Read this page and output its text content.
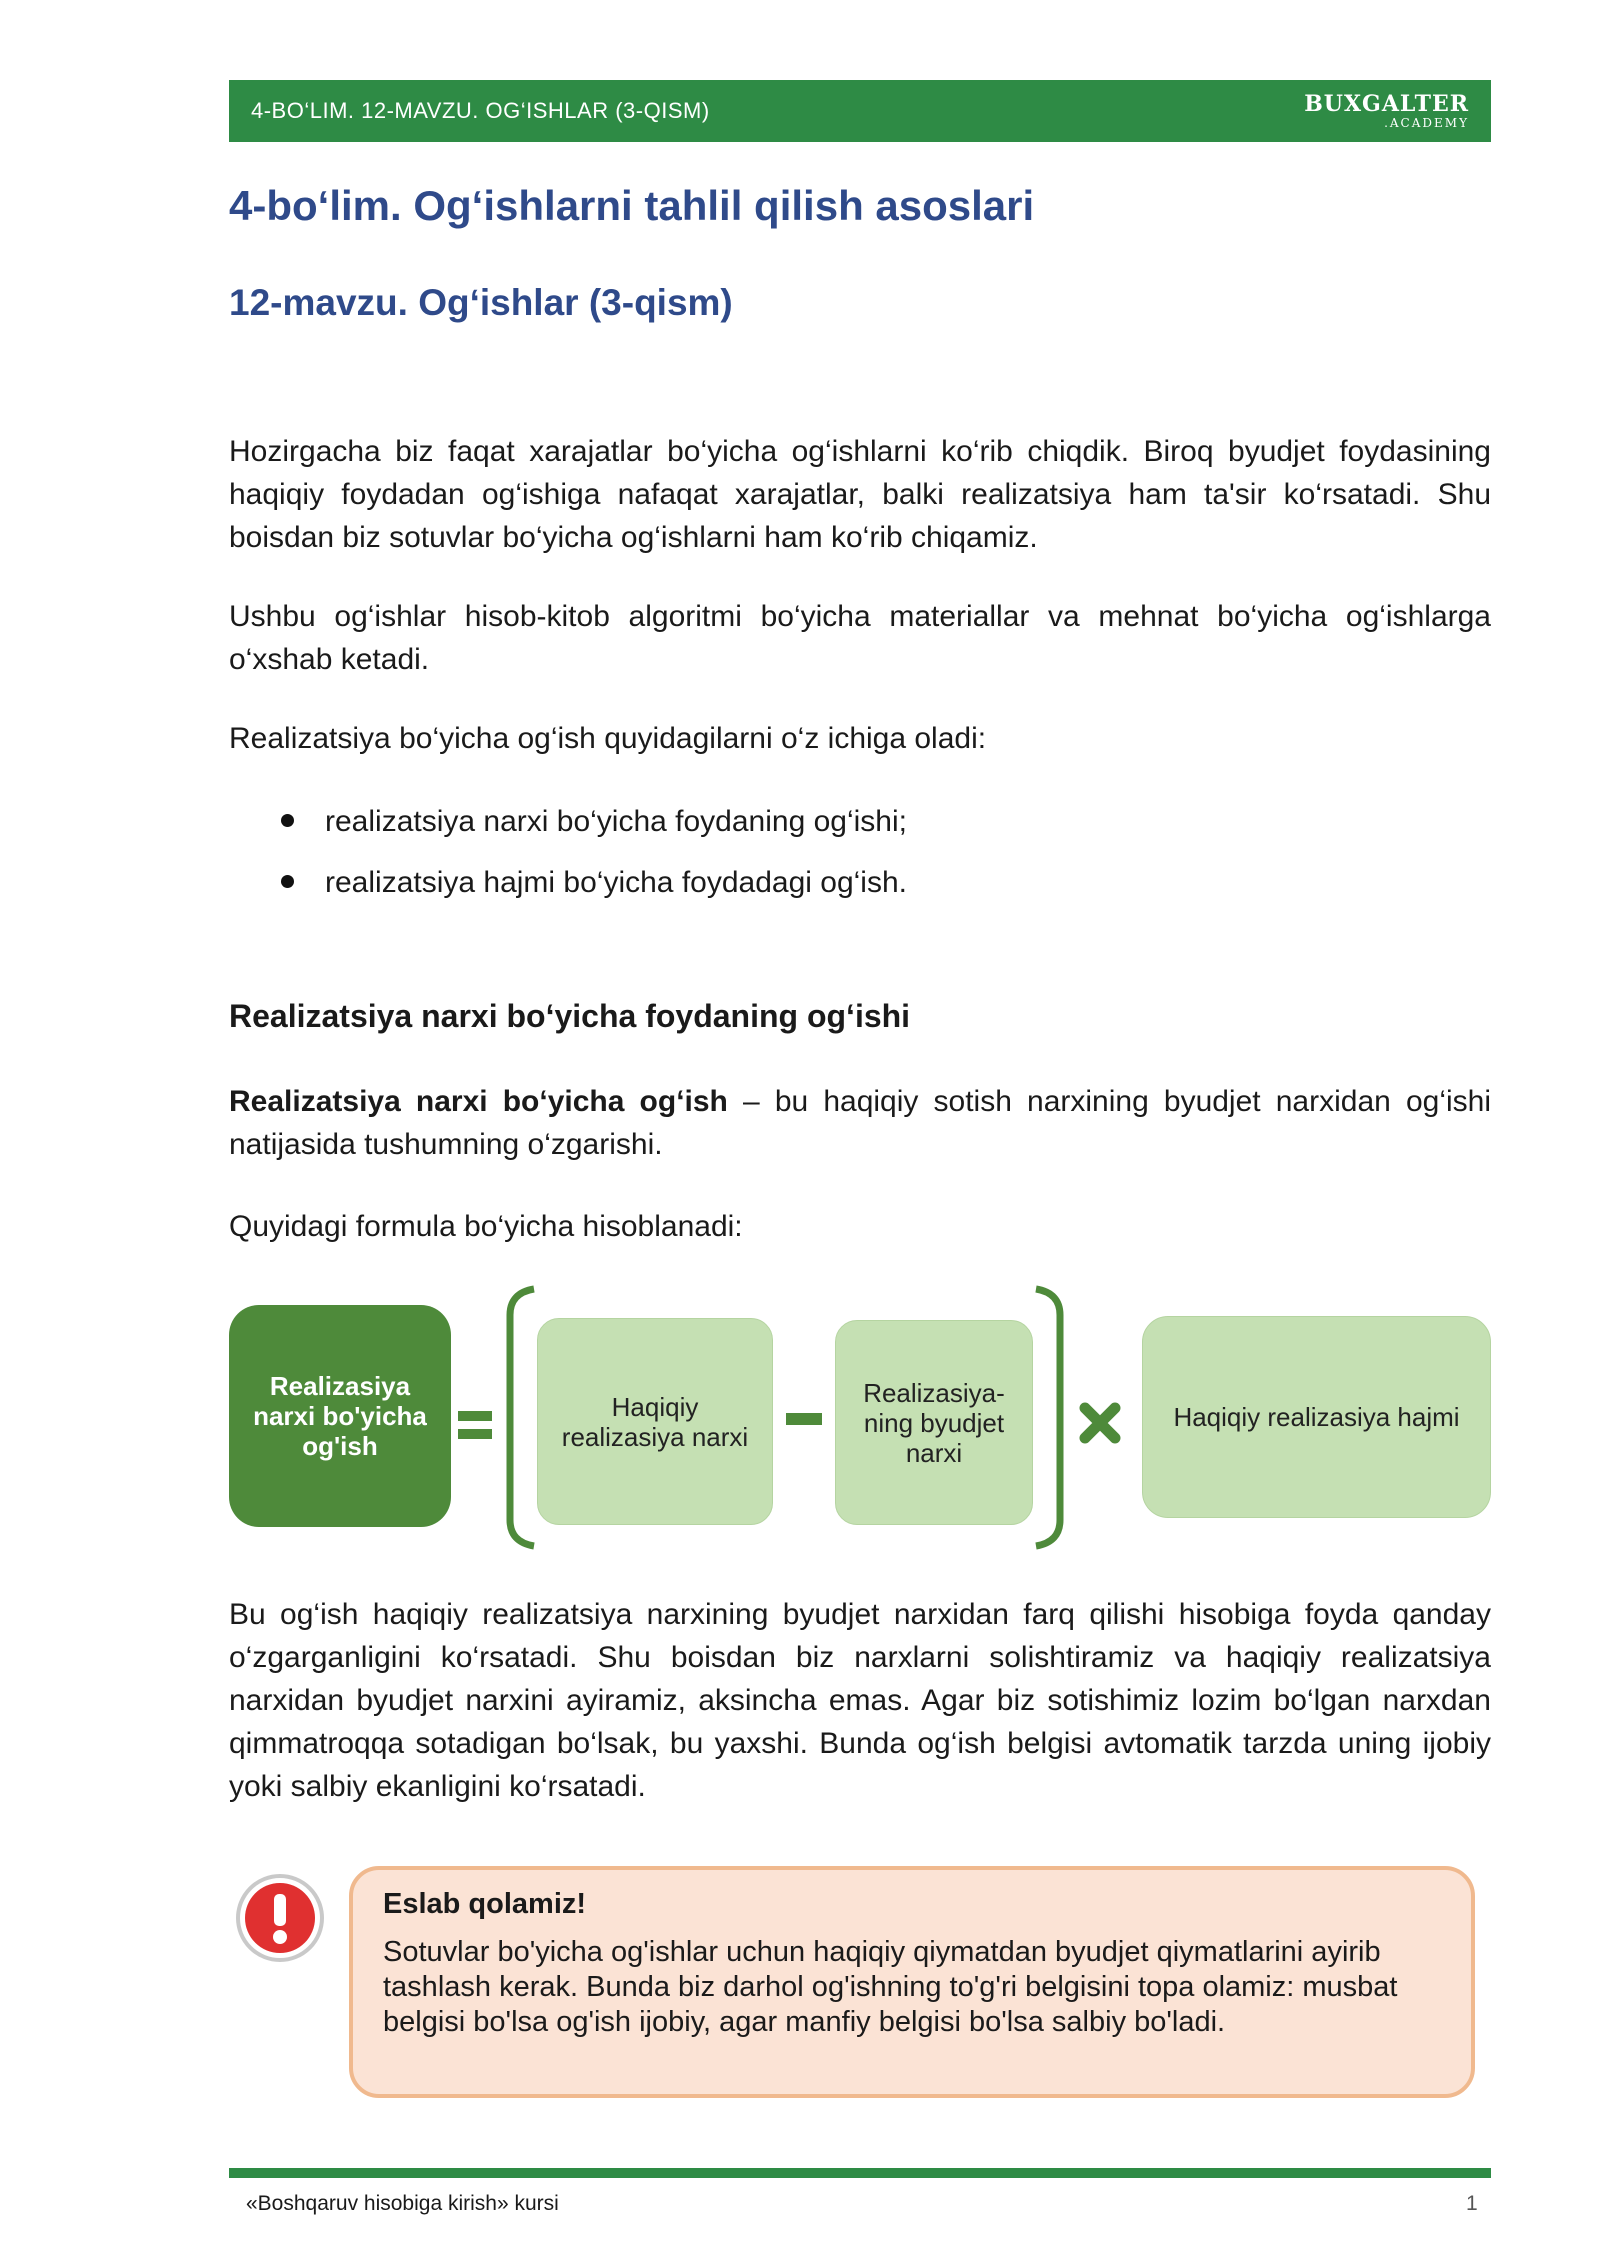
4-BO‘LIM. 12-MAVZU. OG‘ISHLAR (3-QISM)	BUXGALTER
.ACADEMY
4-bo‘lim. Og‘ishlarni tahlil qilish asoslari
12-mavzu. Og‘ishlar (3-qism)

Hozirgacha biz faqat xarajatlar bo‘yicha og‘ishlarni ko‘rib chiqdik. Biroq byudjet foydasining haqiqiy foydadan og‘ishiga nafaqat xarajatlar, balki realizatsiya ham ta'sir ko‘rsatadi. Shu boisdan biz sotuvlar bo‘yicha og‘ishlarni ham ko‘rib chiqamiz.

Ushbu og‘ishlar hisob-kitob algoritmi bo‘yicha materiallar va mehnat bo‘yicha og‘ishlarga o‘xshab ketadi.

Realizatsiya bo‘yicha og‘ish quyidagilarni o‘z ichiga oladi:

realizatsiya narxi bo‘yicha foydaning og‘ishi;
realizatsiya hajmi bo‘yicha foydadagi og‘ish.
Realizatsiya narxi bo‘yicha foydaning og‘ishi

Realizatsiya narxi bo‘yicha og‘ish – bu haqiqiy sotish narxining byudjet narxidan og‘ishi natijasida tushumning o‘zgarishi.

Quyidagi formula bo‘yicha hisoblanadi:

Realizasiya narxi bo'yicha og'ish
Haqiqiy realizasiya narxi
Realizasiya-ning byudjet narxi
Haqiqiy realizasiya hajmi

Bu og‘ish haqiqiy realizatsiya narxining byudjet narxidan farq qilishi hisobiga foyda qanday o‘zgarganligini ko‘rsatadi. Shu boisdan biz narxlarni solishtiramiz va haqiqiy realizatsiya narxidan byudjet narxini ayiramiz, aksincha emas. Agar biz sotishimiz lozim bo‘lgan narxdan qimmatroqqa sotadigan bo‘lsak, bu yaxshi. Bunda og‘ish belgisi avtomatik tarzda uning ijobiy yoki salbiy ekanligini ko‘rsatadi.

Eslab qolamiz!

Sotuvlar bo'yicha og'ishlar uchun haqiqiy qiymatdan byudjet qiymatlarini ayirib tashlash kerak. Bunda biz darhol og'ishning to'g'ri belgisini topa olamiz: musbat belgisi bo'lsa og'ish ijobiy, agar manfiy belgisi bo'lsa salbiy bo'ladi.

«Boshqaruv hisobiga kirish» kursi	1
